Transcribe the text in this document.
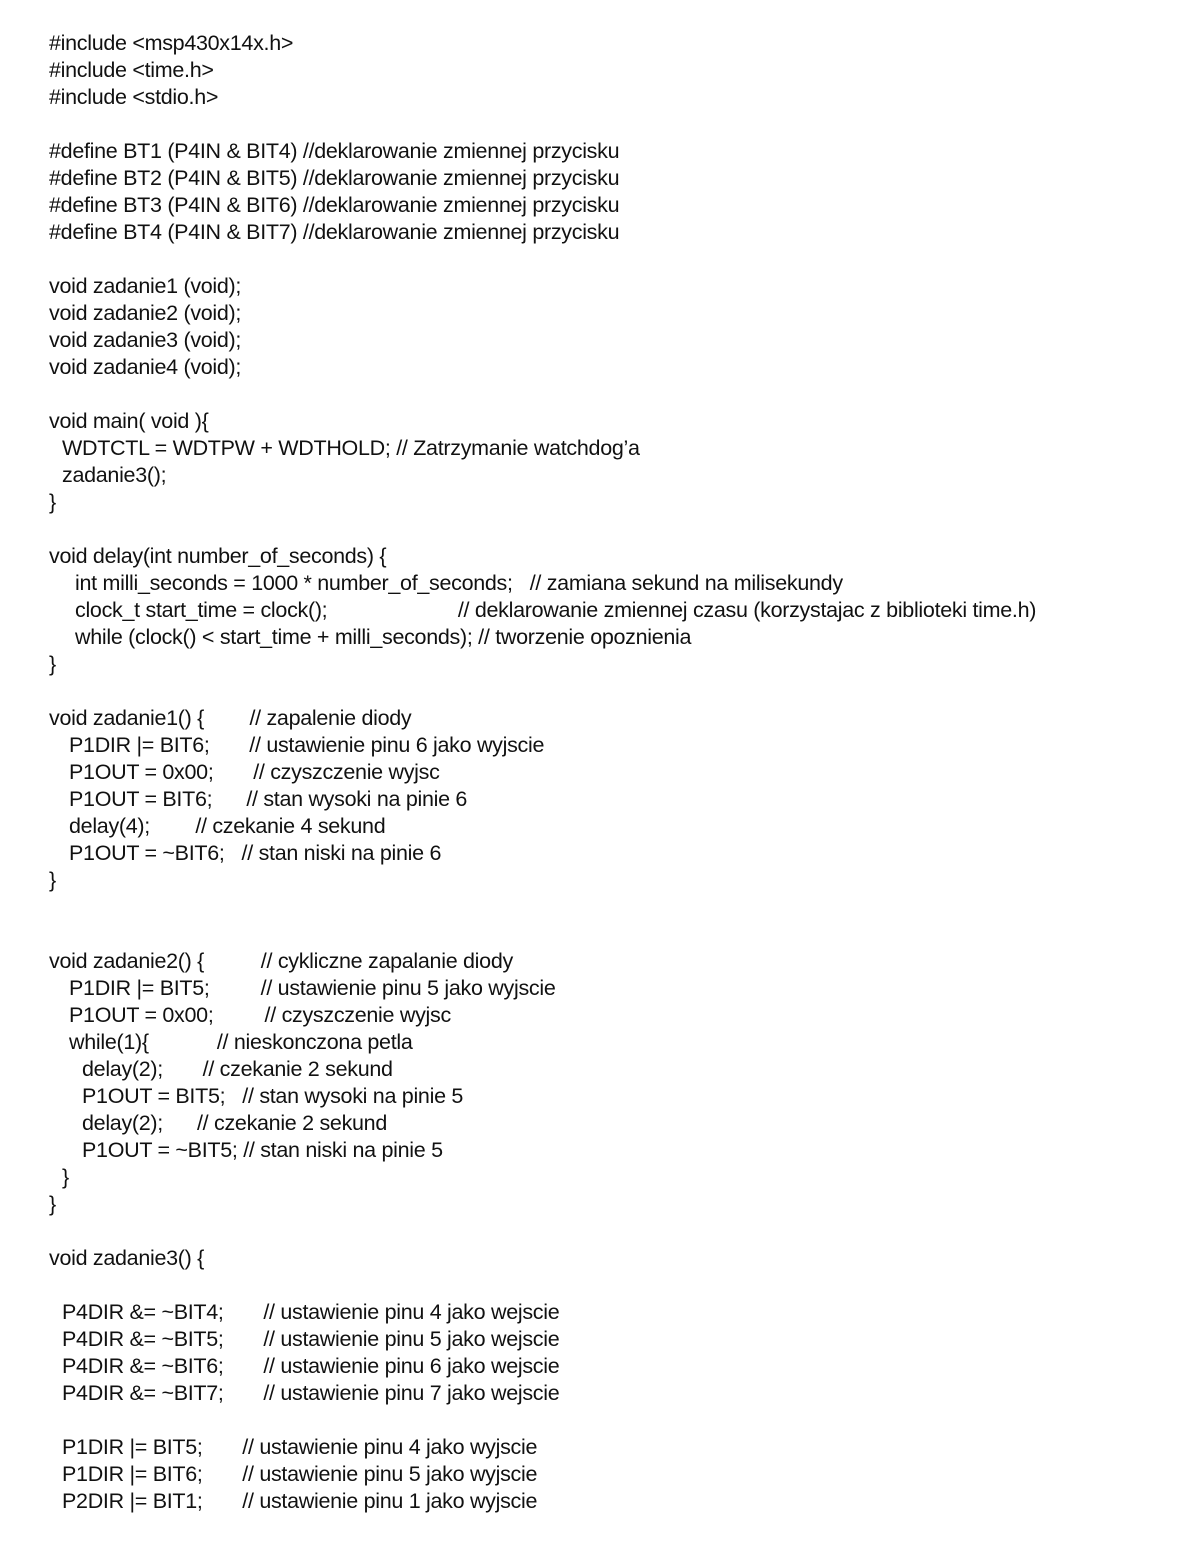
#include <msp430x14x.h>

#include <time.h>

#include <stdio.h>

#define BT1 (P4IN & BIT4) //deklarowanie zmiennej przycisku

#define BT2 (P4IN & BIT5) //deklarowanie zmiennej przycisku

#define BT3 (P4IN & BIT6) //deklarowanie zmiennej przycisku

#define BT4 (P4IN & BIT7) //deklarowanie zmiennej przycisku

void zadanie1 (void);

void zadanie2 (void);

void zadanie3 (void);

void zadanie4 (void);

void main( void ){

WDTCTL = WDTPW + WDTHOLD; // Zatrzymanie watchdog’a

zadanie3();

}

void delay(int number_of_seconds) {

int milli_seconds = 1000 * number_of_seconds;   // zamiana sekund na milisekundy

clock_t start_time = clock();                       // deklarowanie zmiennej czasu (korzystajac z biblioteki time.h)

while (clock() < start_time + milli_seconds); // tworzenie opoznienia

}

void zadanie1() {        // zapalenie diody

P1DIR |= BIT6;       // ustawienie pinu 6 jako wyjscie

P1OUT = 0x00;       // czyszczenie wyjsc

P1OUT = BIT6;      // stan wysoki na pinie 6

delay(4);        // czekanie 4 sekund

P1OUT = ~BIT6;   // stan niski na pinie 6

}

void zadanie2() {          // cykliczne zapalanie diody

P1DIR |= BIT5;         // ustawienie pinu 5 jako wyjscie

P1OUT = 0x00;         // czyszczenie wyjsc

while(1){            // nieskonczona petla

delay(2);       // czekanie 2 sekund

P1OUT = BIT5;   // stan wysoki na pinie 5

delay(2);      // czekanie 2 sekund

P1OUT = ~BIT5; // stan niski na pinie 5

}

}

void zadanie3() {

P4DIR &= ~BIT4;       // ustawienie pinu 4 jako wejscie

P4DIR &= ~BIT5;       // ustawienie pinu 5 jako wejscie

P4DIR &= ~BIT6;       // ustawienie pinu 6 jako wejscie

P4DIR &= ~BIT7;       // ustawienie pinu 7 jako wejscie

P1DIR |= BIT5;       // ustawienie pinu 4 jako wyjscie

P1DIR |= BIT6;       // ustawienie pinu 5 jako wyjscie

P2DIR |= BIT1;       // ustawienie pinu 1 jako wyjscie
